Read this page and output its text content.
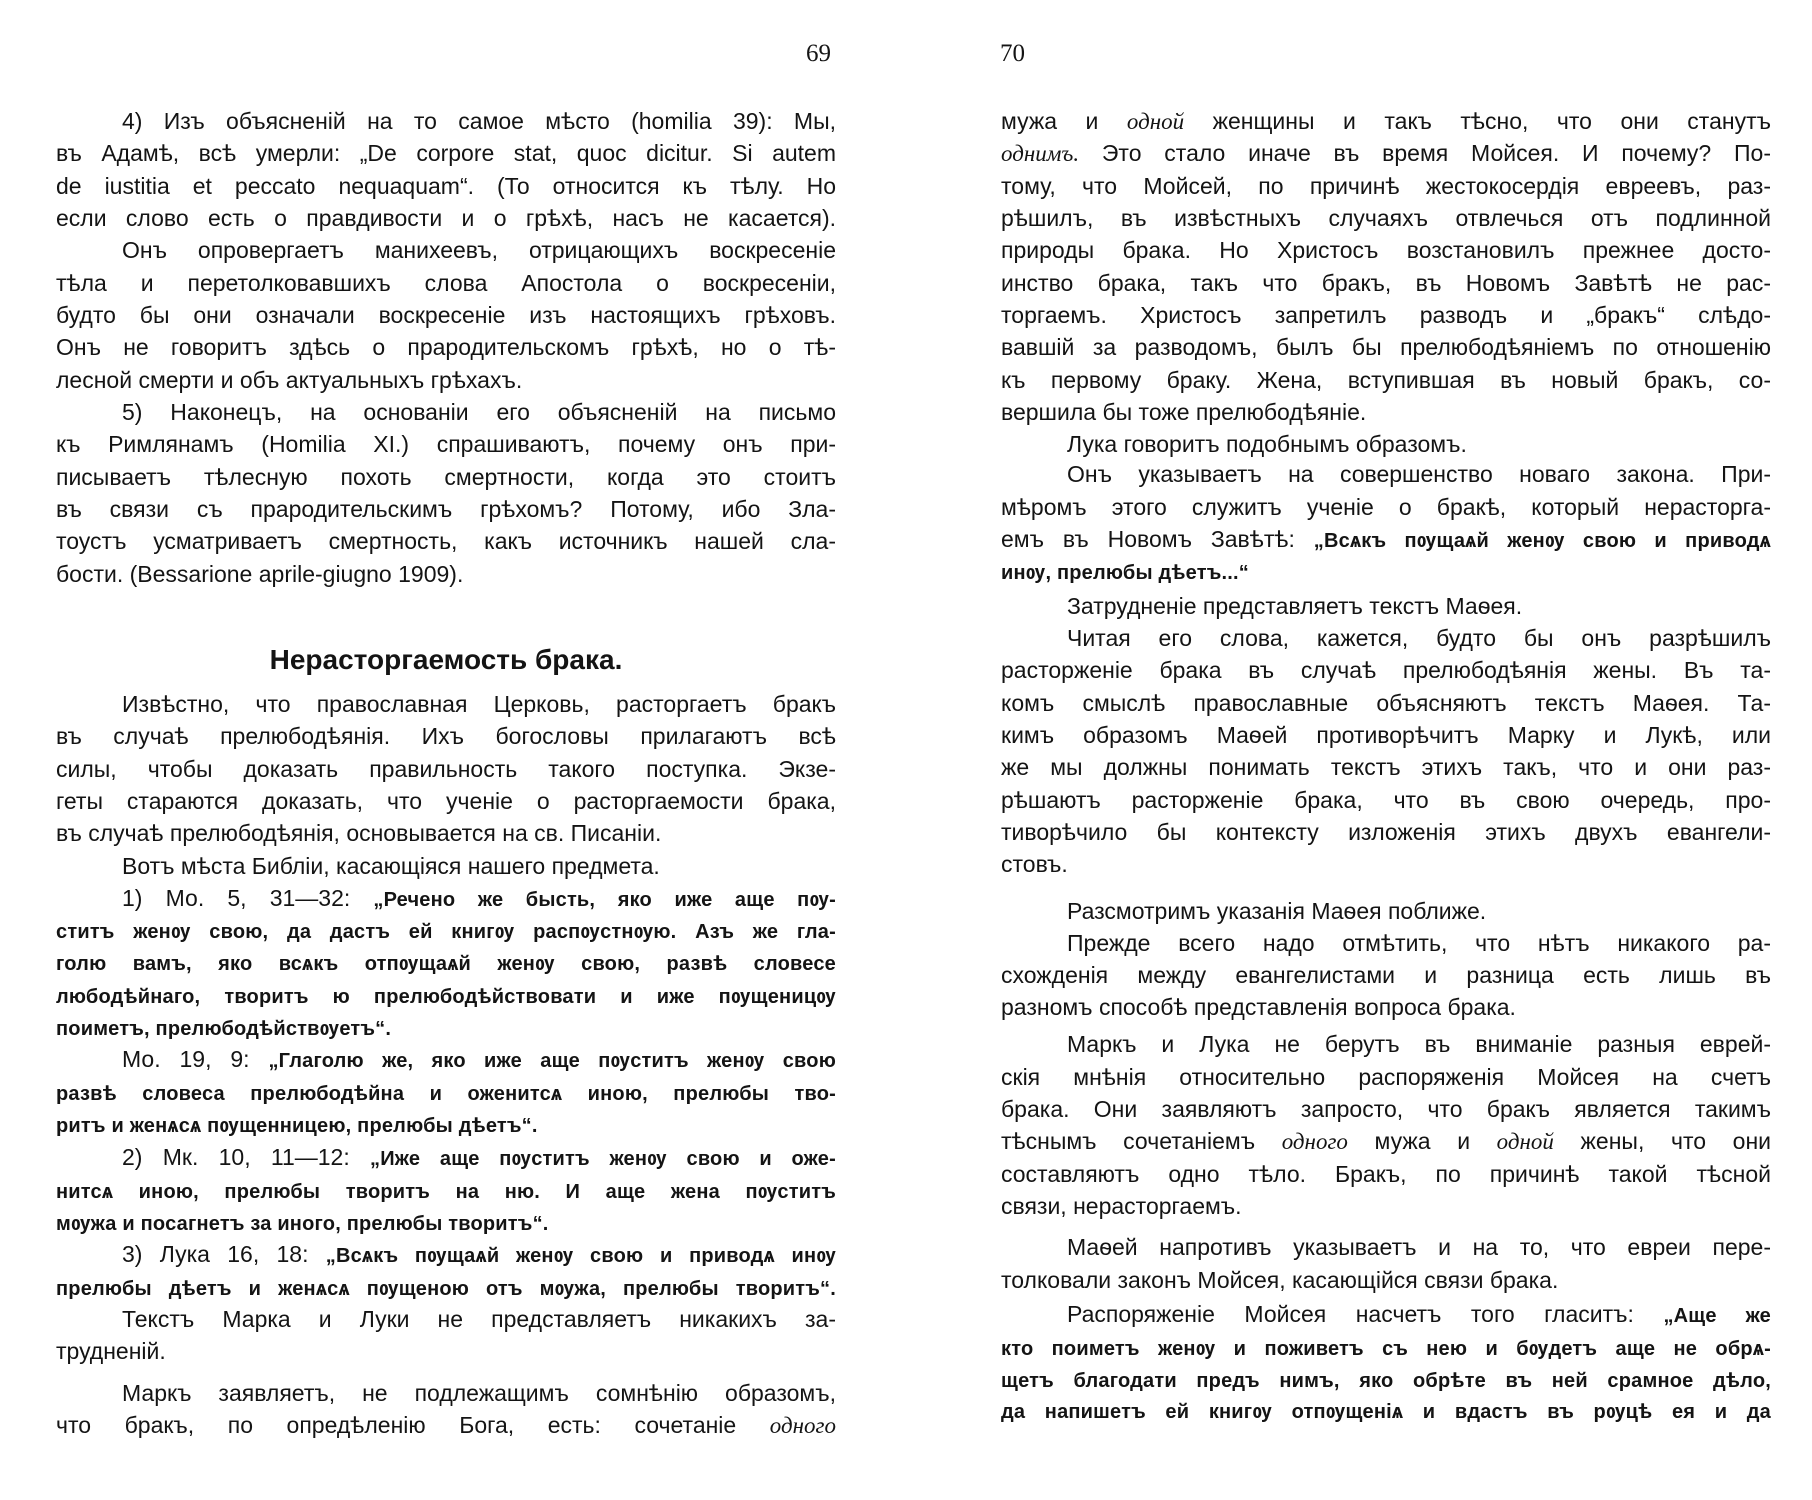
69	70
Нерасторгаемость брака.
4) Изъ объясненій на то самое мѣсто (homilia 39): Мы,
въ Адамѣ, всѣ умерли: „De corpore stat, quoc dicitur. Si autem
de iustitia et peccato nequaquam“. (То относится къ тѣлу. Но
если слово есть о правдивости и о грѣхѣ, насъ не касается).
Онъ опровергаетъ манихеевъ, отрицающихъ воскресеніе
тѣла и перетолковавшихъ слова Апостола о воскресеніи,
будто бы они означали воскресеніе изъ настоящихъ грѣховъ.
Онъ не говоритъ здѣсь о прародительскомъ грѣхѣ, но о тѣ-
лесной смерти и объ актуальныхъ грѣхахъ.
5) Наконецъ, на основаніи его объясненій на письмо
къ Римлянамъ (Homilia XI.) спрашиваютъ, почему онъ при-
писываетъ тѣлесную похоть смертности, когда это стоитъ
въ связи съ прародительскимъ грѣхомъ? Потому, ибо Зла-
тоустъ усматриваетъ смертность, какъ источникъ нашей сла-
бости. (Bessarione aprile-giugno 1909).
Извѣстно, что православная Церковь, расторгаетъ бракъ
въ случаѣ прелюбодѣянія. Ихъ богословы прилагаютъ всѣ
силы, чтобы доказать правильность такого поступка. Экзе-
геты стараются доказать, что ученіе о расторгаемости брака,
въ случаѣ прелюбодѣянія, основывается на св. Писаніи.
Вотъ мѣста Библіи, касающіяся нашего предмета.
1) Мо. 5, 31—32: „Речено же бысть, яко иже аще пѹ-
ститъ женѹ свою, да дастъ ей книгѹ распѹстнѹю. Азъ же гла-
голю вамъ, яко всѧкъ отпѹщаѧй женѹ свою, развѣ словесе
любодѣйнаго, творитъ ю прелюбодѣйствовати и иже пѹщеницѹ
поиметъ, прелюбодѣйствѹетъ“.
Мо. 19, 9: „Глаголю же, яко иже аще пѹститъ женѹ свою
развѣ словеса прелюбодѣйна и оженитсѧ иною, прелюбы тво-
ритъ и женѧсѧ пѹщенницею, прелюбы дѣетъ“.
2) Мк. 10, 11—12: „Иже аще пѹститъ женѹ свою и оже-
нитсѧ иною, прелюбы творитъ на ню. И аще жена пѹститъ
мѹжа и посагнетъ за иного, прелюбы творитъ“.
3) Лука 16, 18: „Всѧкъ пѹщаѧй женѹ свою и приводѧ инѹ
прелюбы дѣетъ и женѧсѧ пѹщеною отъ мѹжа, прелюбы творитъ“.
Текстъ Марка и Луки не представляетъ никакихъ за-
трудненій.
Маркъ заявляетъ, не подлежащимъ сомнѣнію образомъ,
что бракъ, по опредѣленію Бога, есть: сочетаніе одного
мужа и одной женщины и такъ тѣсно, что они станутъ
однимъ. Это стало иначе въ время Мойсея. И почему? По-
тому, что Мойсей, по причинѣ жестокосердія евреевъ, раз-
рѣшилъ, въ извѣстныхъ случаяхъ отвлечься отъ подлинной
природы брака. Но Христосъ возстановилъ прежнее досто-
инство брака, такъ что бракъ, въ Новомъ Завѣтѣ не рас-
торгаемъ. Христосъ запретилъ разводъ и „бракъ“ слѣдо-
вавшій за разводомъ, былъ бы прелюбодѣяніемъ по отношенію
къ первому браку. Жена, вступившая въ новый бракъ, со-
вершила бы тоже прелюбодѣяніе.
Лука говоритъ подобнымъ образомъ.
Онъ указываетъ на совершенство новаго закона. При-
мѣромъ этого служитъ ученіе о бракѣ, который нерасторга-
емъ въ Новомъ Завѣтѣ: „Всѧкъ пѹщаѧй женѹ свою и приводѧ
инѹ, прелюбы дѣетъ...“
Затрудненіе представляетъ текстъ Маѳея.
Читая его слова, кажется, будто бы онъ разрѣшилъ
расторженіе брака въ случаѣ прелюбодѣянія жены. Въ та-
комъ смыслѣ православные объясняютъ текстъ Маѳея. Та-
кимъ образомъ Маѳей противорѣчитъ Марку и Лукѣ, или
же мы должны понимать текстъ этихъ такъ, что и они раз-
рѣшаютъ расторженіе брака, что въ свою очередь, про-
тиворѣчило бы контексту изложенія этихъ двухъ евангели-
стовъ.
Разсмотримъ указанія Маѳея поближе.
Прежде всего надо отмѣтить, что нѣтъ никакого ра-
схожденія между евангелистами и разница есть лишь въ
разномъ способѣ представленія вопроса брака.
Маркъ и Лука не берутъ въ вниманіе разныя еврей-
скія мнѣнія относительно распоряженія Мойсея на счетъ
брака. Они заявляютъ запросто, что бракъ является такимъ
тѣснымъ сочетаніемъ одного мужа и одной жены, что они
составляютъ одно тѣло. Бракъ, по причинѣ такой тѣсной
связи, нерасторгаемъ.
Маѳей напротивъ указываетъ и на то, что евреи пере-
толковали законъ Мойсея, касающійся связи брака.
Распоряженіе Мойсея насчетъ того гласитъ: „Аще же
кто поиметъ женѹ и поживетъ съ нею и бѹдетъ аще не обрѧ-
щетъ благодати предъ нимъ, яко обрѣте въ ней срамное дѣло,
да напишетъ ей книгѹ отпѹщеніѧ и вдастъ въ рѹцѣ ея и да
